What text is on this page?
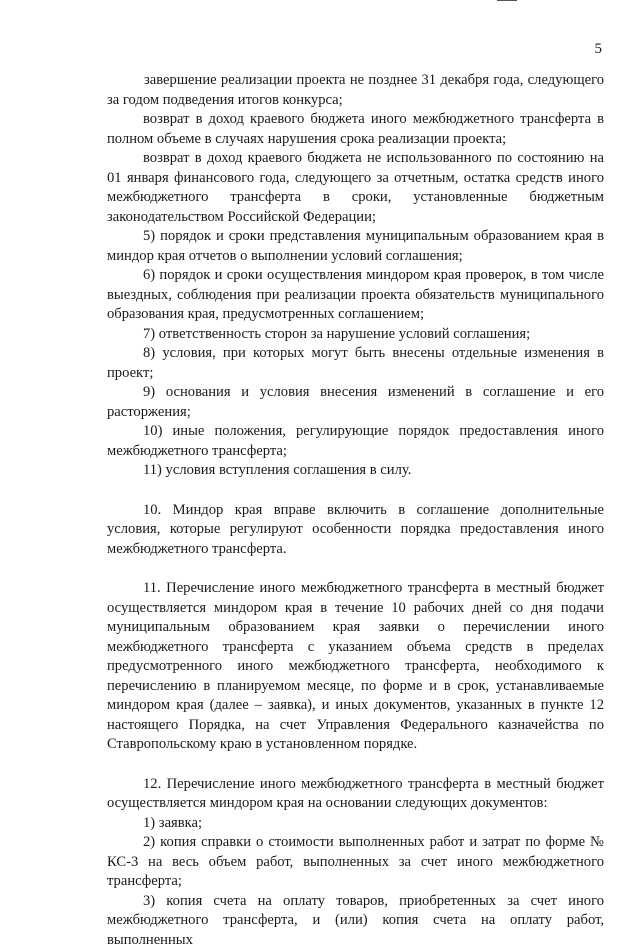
5

завершение реализации проекта не позднее 31 декабря года, следующего за годом подведения итогов конкурса;

возврат в доход краевого бюджета иного межбюджетного трансферта в полном объеме в случаях нарушения срока реализации проекта;

возврат в доход краевого бюджета не использованного по состоянию на 01 января финансового года, следующего за отчетным, остатка средств иного межбюджетного трансферта в сроки, установленные бюджетным законодательством Российской Федерации;

5) порядок и сроки представления муниципальным образованием края в миндор края отчетов о выполнении условий соглашения;

6) порядок и сроки осуществления миндором края проверок, в том числе выездных, соблюдения при реализации проекта обязательств муниципального образования края, предусмотренных соглашением;

7) ответственность сторон за нарушение условий соглашения;

8) условия, при которых могут быть внесены отдельные изменения в проект;

9) основания и условия внесения изменений в соглашение и его расторжения;

10) иные положения, регулирующие порядок предоставления иного межбюджетного трансферта;

11) условия вступления соглашения в силу.

10. Миндор края вправе включить в соглашение дополнительные условия, которые регулируют особенности порядка предоставления иного межбюджетного трансферта.

11. Перечисление иного межбюджетного трансферта в местный бюджет осуществляется миндором края в течение 10 рабочих дней со дня подачи муниципальным образованием края заявки о перечислении иного межбюджетного трансферта с указанием объема средств в пределах предусмотренного иного межбюджетного трансферта, необходимого к перечислению в планируемом месяце, по форме и в срок, устанавливаемые миндором края (далее – заявка), и иных документов, указанных в пункте 12 настоящего Порядка, на счет Управления Федерального казначейства по Ставропольскому краю в установленном порядке.

12. Перечисление иного межбюджетного трансферта в местный бюджет осуществляется миндором края на основании следующих документов:

1) заявка;

2) копия справки о стоимости выполненных работ и затрат по форме № КС-3 на весь объем работ, выполненных за счет иного межбюджетного трансферта;

3) копия счета на оплату товаров, приобретенных за счет иного межбюджетного трансферта, и (или) копия счета на оплату работ, выполненных
